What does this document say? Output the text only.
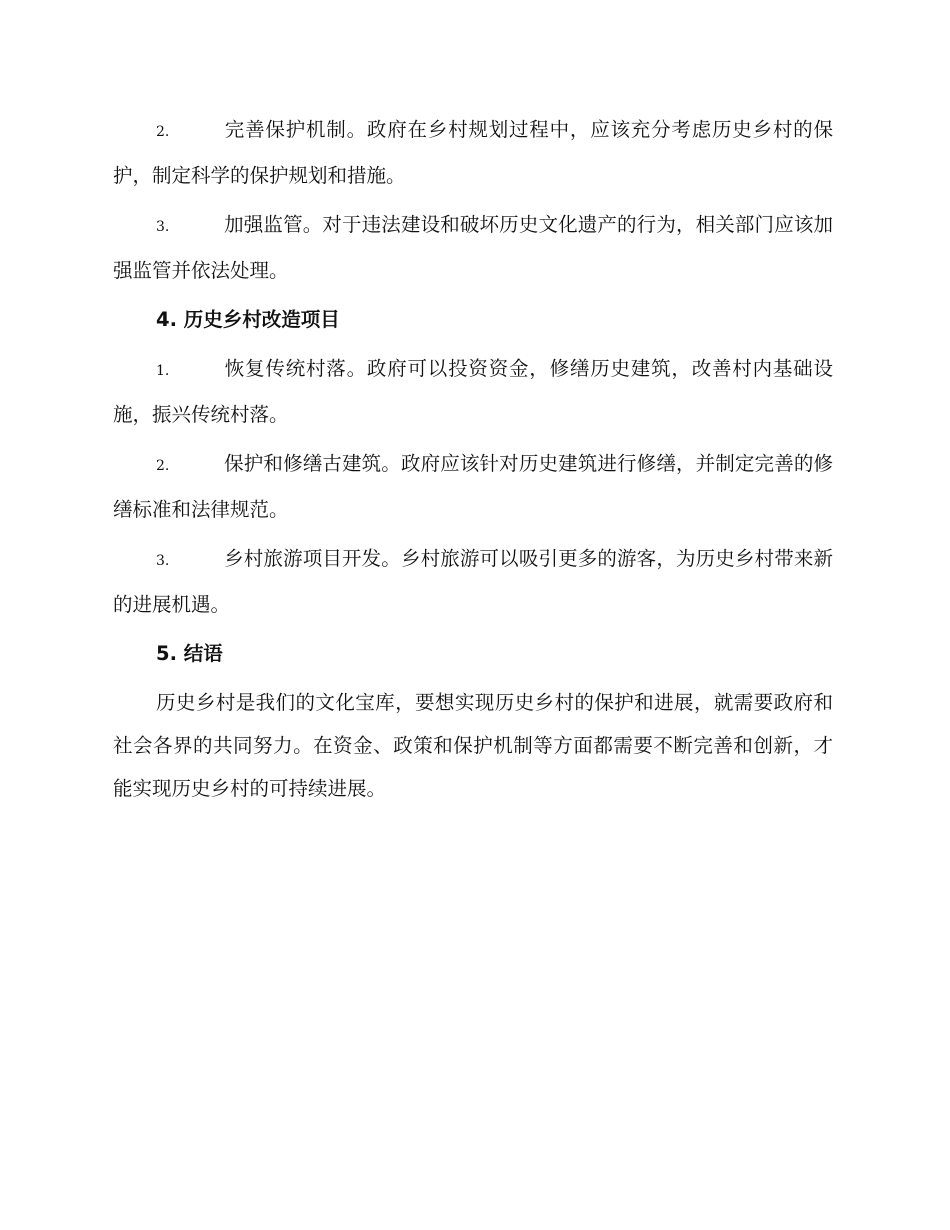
2.	完善保护机制。政府在乡村规划过程中，应该充分考虑历史乡村的保护，制定科学的保护规划和措施。

3.	加强监管。对于违法建设和破坏历史文化遗产的行为，相关部门应该加强监管并依法处理。

4. 历史乡村改造项目

1.	恢复传统村落。政府可以投资资金，修缮历史建筑，改善村内基础设施，振兴传统村落。

2.	保护和修缮古建筑。政府应该针对历史建筑进行修缮，并制定完善的修缮标准和法律规范。

3.	乡村旅游项目开发。乡村旅游可以吸引更多的游客，为历史乡村带来新的进展机遇。

5. 结语

历史乡村是我们的文化宝库，要想实现历史乡村的保护和进展，就需要政府和社会各界的共同努力。在资金、政策和保护机制等方面都需要不断完善和创新，才能实现历史乡村的可持续进展。
